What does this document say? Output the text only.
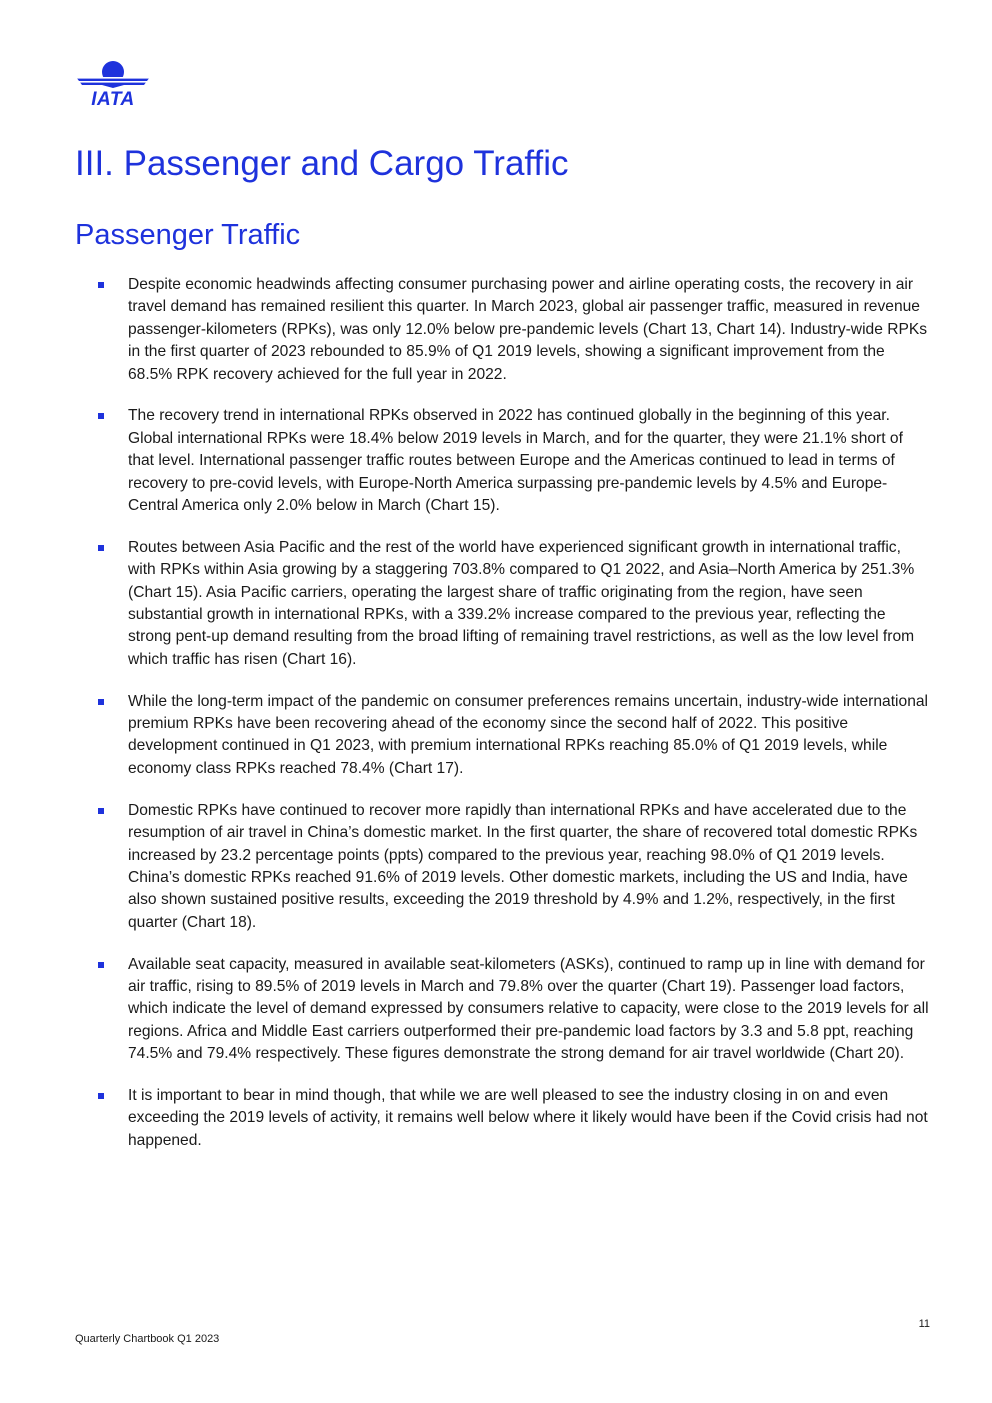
IATA
III. Passenger and Cargo Traffic
Passenger Traffic
Despite economic headwinds affecting consumer purchasing power and airline operating costs, the recovery in air travel demand has remained resilient this quarter. In March 2023, global air passenger traffic, measured in revenue passenger-kilometers (RPKs), was only 12.0% below pre-pandemic levels (Chart 13, Chart 14). Industry-wide RPKs in the first quarter of 2023 rebounded to 85.9% of Q1 2019 levels, showing a significant improvement from the 68.5% RPK recovery achieved for the full year in 2022.
The recovery trend in international RPKs observed in 2022 has continued globally in the beginning of this year. Global international RPKs were 18.4% below 2019 levels in March, and for the quarter, they were 21.1% short of that level. International passenger traffic routes between Europe and the Americas continued to lead in terms of recovery to pre-covid levels, with Europe-North America surpassing pre-pandemic levels by 4.5% and Europe-Central America only 2.0% below in March (Chart 15).
Routes between Asia Pacific and the rest of the world have experienced significant growth in international traffic, with RPKs within Asia growing by a staggering 703.8% compared to Q1 2022, and Asia–North America by 251.3% (Chart 15). Asia Pacific carriers, operating the largest share of traffic originating from the region, have seen substantial growth in international RPKs, with a 339.2% increase compared to the previous year, reflecting the strong pent-up demand resulting from the broad lifting of remaining travel restrictions, as well as the low level from which traffic has risen (Chart 16).
While the long-term impact of the pandemic on consumer preferences remains uncertain, industry-wide international premium RPKs have been recovering ahead of the economy since the second half of 2022. This positive development continued in Q1 2023, with premium international RPKs reaching 85.0% of Q1 2019 levels, while economy class RPKs reached 78.4% (Chart 17).
Domestic RPKs have continued to recover more rapidly than international RPKs and have accelerated due to the resumption of air travel in China’s domestic market. In the first quarter, the share of recovered total domestic RPKs increased by 23.2 percentage points (ppts) compared to the previous year, reaching 98.0% of Q1 2019 levels. China’s domestic RPKs reached 91.6% of 2019 levels. Other domestic markets, including the US and India, have also shown sustained positive results, exceeding the 2019 threshold by 4.9% and 1.2%, respectively, in the first quarter (Chart 18).
Available seat capacity, measured in available seat-kilometers (ASKs), continued to ramp up in line with demand for air traffic, rising to 89.5% of 2019 levels in March and 79.8% over the quarter (Chart 19). Passenger load factors, which indicate the level of demand expressed by consumers relative to capacity, were close to the 2019 levels for all regions. Africa and Middle East carriers outperformed their pre-pandemic load factors by 3.3 and 5.8 ppt, reaching 74.5% and 79.4% respectively. These figures demonstrate the strong demand for air travel worldwide (Chart 20).
It is important to bear in mind though, that while we are well pleased to see the industry closing in on and even exceeding the 2019 levels of activity, it remains well below where it likely would have been if the Covid crisis had not happened.
11
Quarterly Chartbook Q1 2023
